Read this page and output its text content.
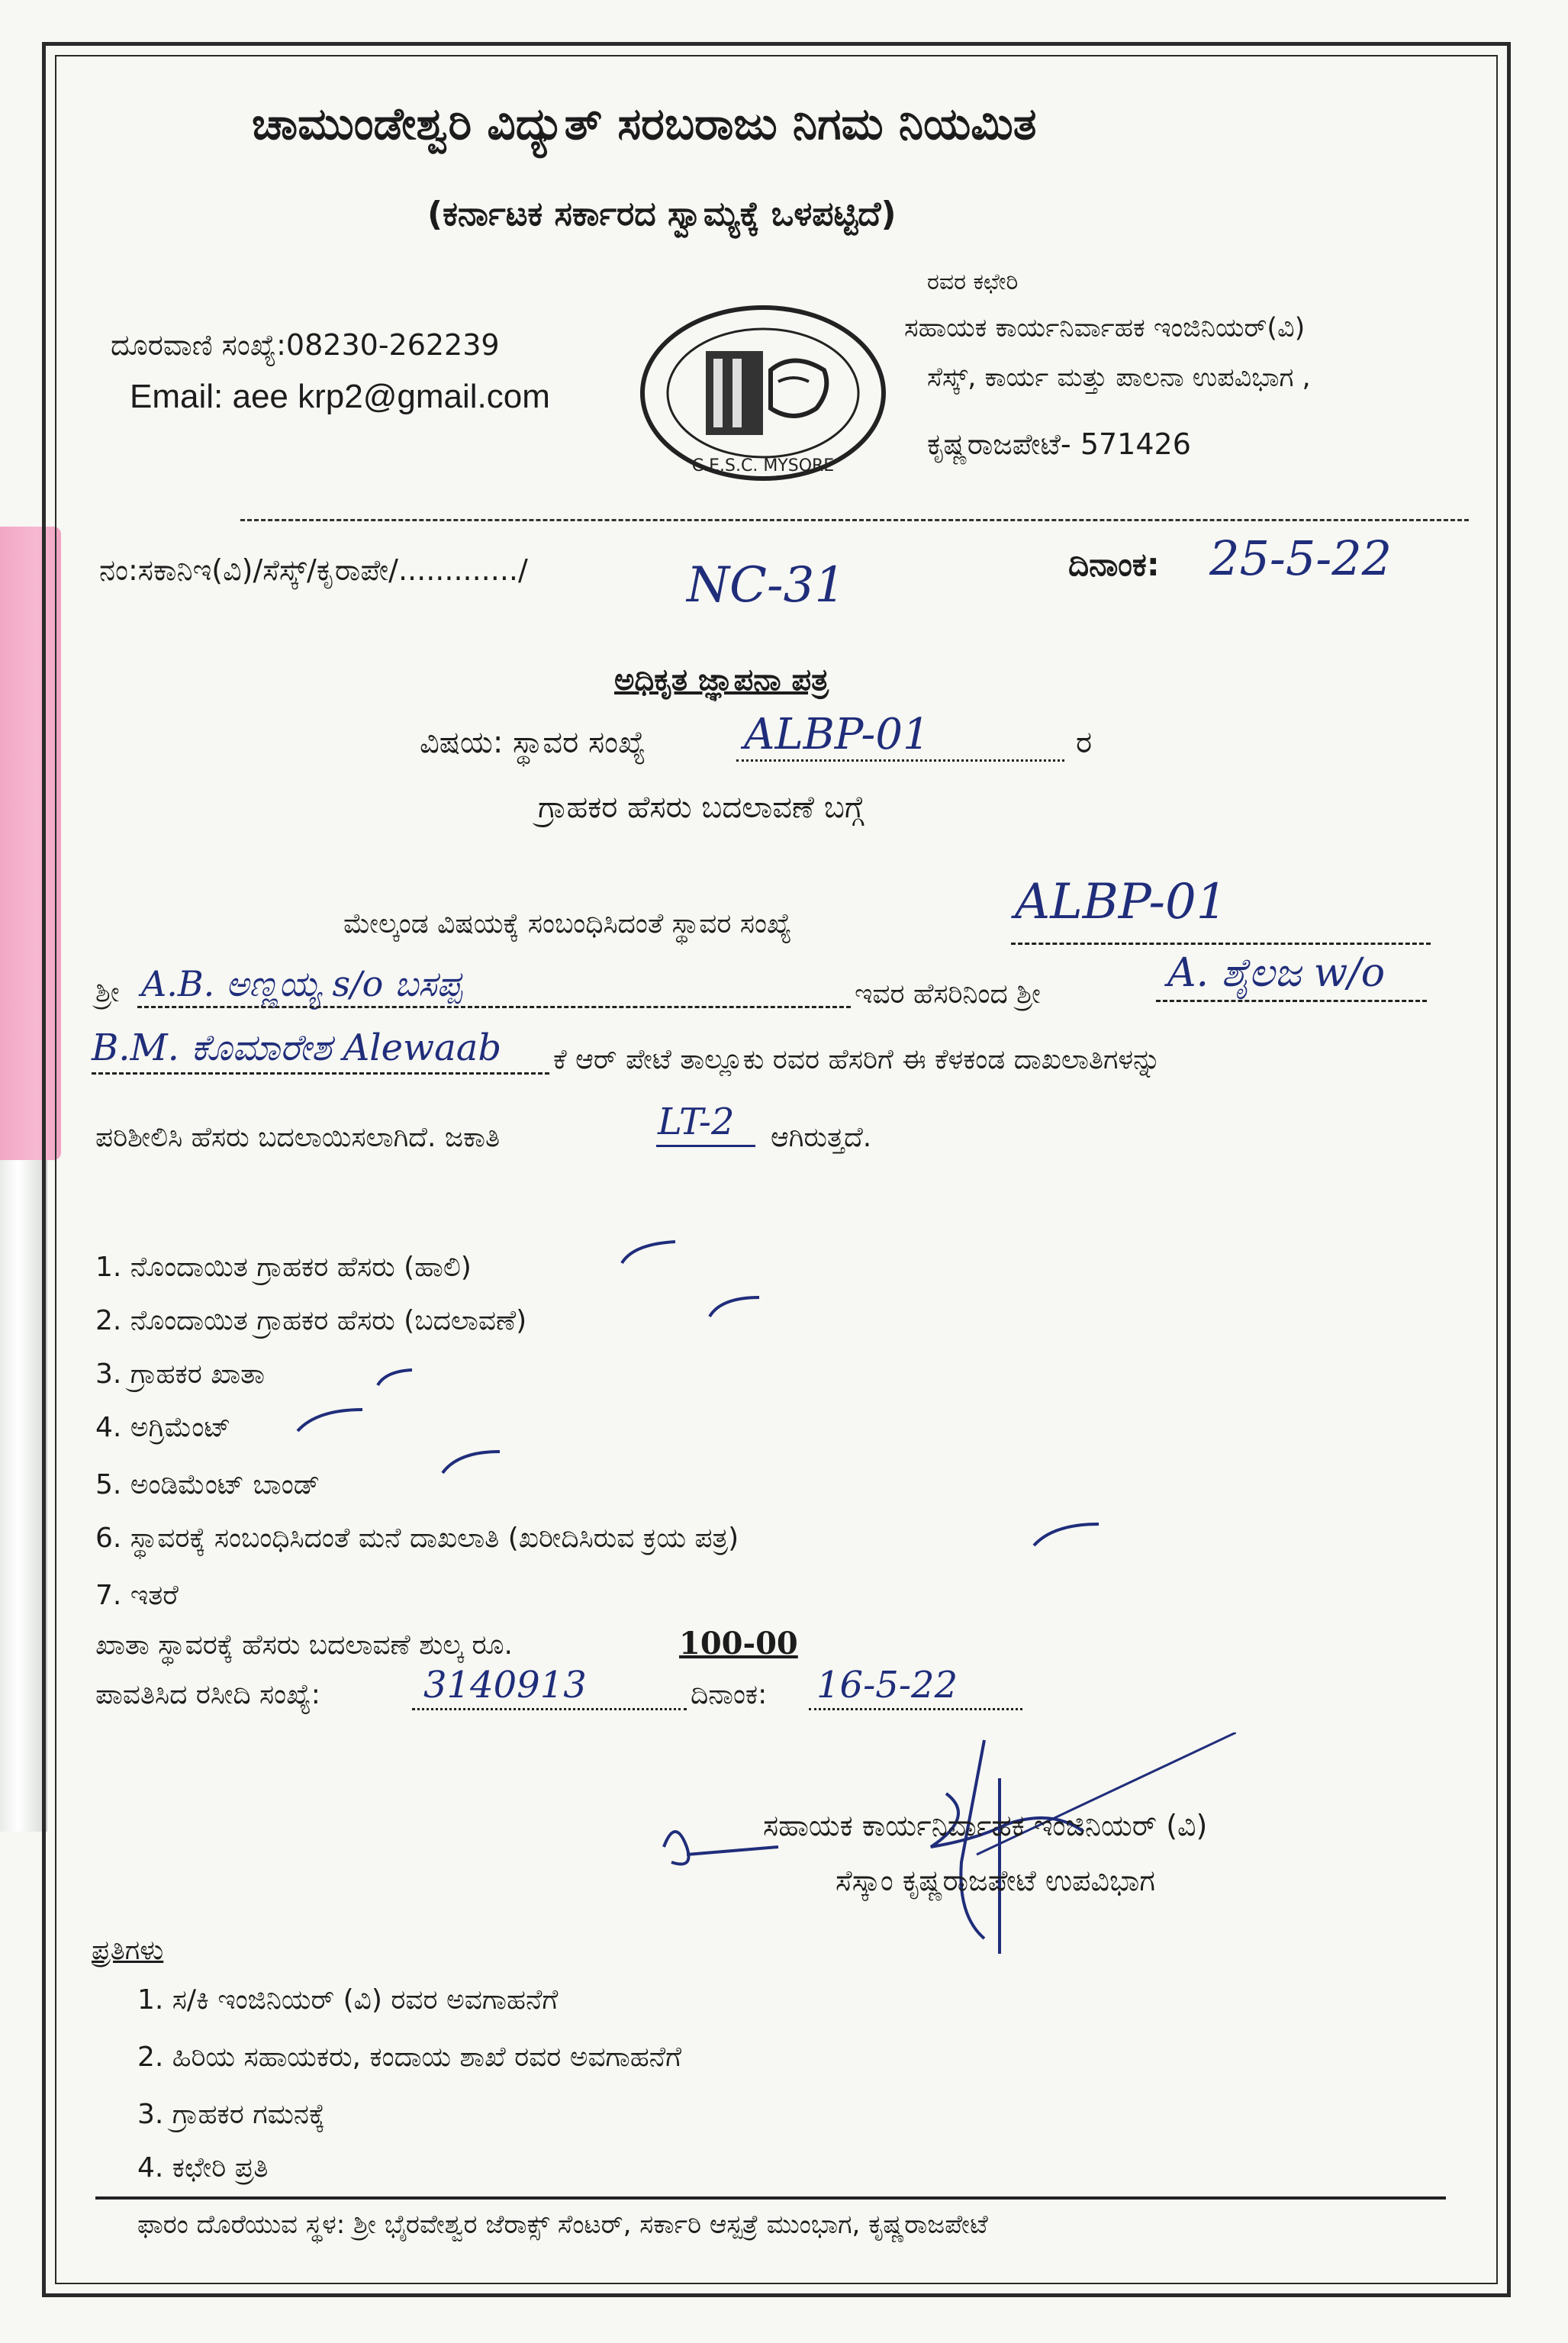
ಚಾಮುಂಡೇಶ್ವರಿ ವಿದ್ಯುತ್ ಸರಬರಾಜು ನಿಗಮ ನಿಯಮಿತ
(ಕರ್ನಾಟಕ ಸರ್ಕಾರದ ಸ್ವಾಮ್ಯಕ್ಕೆ ಒಳಪಟ್ಟಿದೆ)
ದೂರವಾಣಿ ಸಂಖ್ಯೆ:08230-262239
Email: aee krp2@gmail.com
C.E.S.C. MYSORE
ರವರ ಕಛೇರಿ
ಸಹಾಯಕ ಕಾರ್ಯನಿರ್ವಾಹಕ ಇಂಜಿನಿಯರ್(ವಿ)
ಸೆಸ್ಕ್, ಕಾರ್ಯ ಮತ್ತು ಪಾಲನಾ ಉಪವಿಭಾಗ ,
ಕೃಷ್ಣರಾಜಪೇಟೆ- 571426
ನಂ:ಸಕಾನಿಇ(ವಿ)/ಸೆಸ್ಕ್/ಕೃರಾಪೇ/............./	NC-31	ದಿನಾಂಕ: 25-5-22
ಅಧಿಕೃತ ಜ್ಞಾಪನಾ ಪತ್ರ
ವಿಷಯ: ಸ್ಥಾವರ ಸಂಖ್ಯೆ ALBP-01	ರ
ಗ್ರಾಹಕರ ಹೆಸರು ಬದಲಾವಣೆ ಬಗ್ಗೆ
ಮೇಲ್ಕಂಡ ವಿಷಯಕ್ಕೆ ಸಂಬಂಧಿಸಿದಂತೆ ಸ್ಥಾವರ ಸಂಖ್ಯೆ	ALBP-01
ಶ್ರೀ A.B. ಅಣ್ಣಯ್ಯ s/o ಬಸಪ್ಪ	ಇವರ ಹೆಸರಿನಿಂದ ಶ್ರೀ	A. ಶೈಲಜ w/o
B.M. ಕೊಮಾರೇಶ Alewaab ಕೆ ಆರ್ ಪೇಟೆ ತಾಲ್ಲೂಕು ರವರ ಹೆಸರಿಗೆ ಈ ಕೆಳಕಂಡ ದಾಖಲಾತಿಗಳನ್ನು
ಪರಿಶೀಲಿಸಿ ಹೆಸರು ಬದಲಾಯಿಸಲಾಗಿದೆ. ಜಕಾತಿ	LT-2 ಆಗಿರುತ್ತದೆ.
1. ನೊಂದಾಯಿತ ಗ್ರಾಹಕರ ಹೆಸರು (ಹಾಲಿ)
2. ನೊಂದಾಯಿತ ಗ್ರಾಹಕರ ಹೆಸರು (ಬದಲಾವಣೆ)
3. ಗ್ರಾಹಕರ ಖಾತಾ
4. ಅಗ್ರಿಮೆಂಟ್
5. ಅಂಡಿಮೆಂಟ್ ಬಾಂಡ್
6. ಸ್ಥಾವರಕ್ಕೆ ಸಂಬಂಧಿಸಿದಂತೆ ಮನೆ ದಾಖಲಾತಿ (ಖರೀದಿಸಿರುವ ಕ್ರಯ ಪತ್ರ)
7. ಇತರೆ
ಖಾತಾ ಸ್ಥಾವರಕ್ಕೆ ಹೆಸರು ಬದಲಾವಣೆ ಶುಲ್ಕ ರೂ.	100-00
ಪಾವತಿಸಿದ ರಸೀದಿ ಸಂಖ್ಯೆ:	3140913	ದಿನಾಂಕ: 16-5-22
ಸಹಾಯಕ ಕಾರ್ಯನಿರ್ವಾಹಕ ಇಂಜಿನಿಯರ್ (ವಿ)
ಸೆಸ್ಕಾಂ ಕೃಷ್ಣರಾಜಪೇಟೆ ಉಪವಿಭಾಗ
ಪ್ರತಿಗಳು
1. ಸ/ಕಿ ಇಂಜಿನಿಯರ್ (ವಿ) ರವರ ಅವಗಾಹನೆಗೆ
2. ಹಿರಿಯ ಸಹಾಯಕರು, ಕಂದಾಯ ಶಾಖೆ ರವರ ಅವಗಾಹನೆಗೆ
3. ಗ್ರಾಹಕರ ಗಮನಕ್ಕೆ
4. ಕಛೇರಿ ಪ್ರತಿ
ಫಾರಂ ದೊರೆಯುವ ಸ್ಥಳ: ಶ್ರೀ ಭೈರವೇಶ್ವರ ಜೆರಾಕ್ಸ್ ಸೆಂಟರ್, ಸರ್ಕಾರಿ ಆಸ್ಪತ್ರೆ ಮುಂಭಾಗ, ಕೃಷ್ಣರಾಜಪೇಟೆ
